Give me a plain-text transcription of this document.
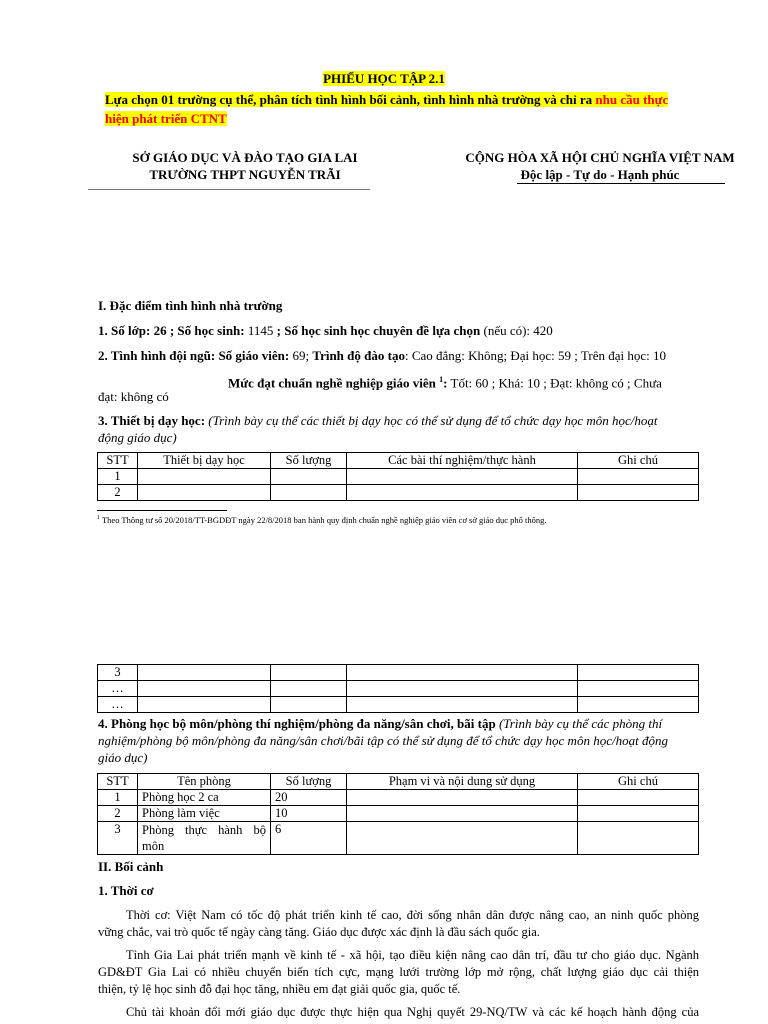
PHIẾU HỌC TẬP 2.1
Lựa chọn 01 trường cụ thể, phân tích tình hình bối cảnh, tình hình nhà trường và chỉ ra nhu cầu thực
hiện phát triển CTNT
SỞ GIÁO DỤC VÀ ĐÀO TẠO GIA LAI
TRƯỜNG THPT NGUYỄN TRÃI
CỘNG HÒA XÃ HỘI CHỦ NGHĨA VIỆT NAM
Độc lập - Tự do - Hạnh phúc
I. Đặc điểm tình hình nhà trường
1. Số lớp: 26 ; Số học sinh: 1145 ; Số học sinh học chuyên đề lựa chọn (nếu có): 420
2. Tình hình đội ngũ: Số giáo viên: 69; Trình độ đào tạo: Cao đẳng: Không; Đại học: 59 ; Trên đại học: 10
Mức đạt chuẩn nghề nghiệp giáo viên $^1$: Tốt: 60 ; Khá: 10 ; Đạt: không có ; Chưa
đạt: không có
3. Thiết bị dạy học: (Trình bày cụ thể các thiết bị dạy học có thể sử dụng để tổ chức dạy học môn học/hoạt
động giáo dục)
STT	Thiết bị dạy học	Số lượng	Các bài thí nghiệm/thực hành	Ghi chú
1				
2				
$^1$ Theo Thông tư số 20/2018/TT-BGDĐT ngày 22/8/2018 ban hành quy định chuẩn nghề nghiệp giáo viên cơ sở giáo dục phổ thông.
3				
…				
…				
4. Phòng học bộ môn/phòng thí nghiệm/phòng đa năng/sân chơi, bãi tập (Trình bày cụ thể các phòng thí
nghiệm/phòng bộ môn/phòng đa năng/sân chơi/bãi tập có thể sử dụng để tổ chức dạy học môn học/hoạt động
giáo dục)
STT	Tên phòng	Số lượng	Phạm vi và nội dung sử dụng	Ghi chú
1	Phòng học 2 ca	20		
2	Phòng làm việc	10		
3	Phòng thực hành bộ
môn	6		
II. Bối cảnh
1. Thời cơ
Thời cơ: Việt Nam có tốc độ phát triển kinh tế cao, đời sống nhân dân được nâng cao, an ninh quốc phòng
vững chắc, vai trò quốc tế ngày càng tăng. Giáo dục được xác định là đầu sách quốc gia.
Tỉnh Gia Lai phát triển mạnh về kinh tế - xã hội, tạo điều kiện nâng cao dân trí, đầu tư cho giáo dục. Ngành
GD&ĐT Gia Lai có nhiều chuyển biến tích cực, mạng lưới trường lớp mở rộng, chất lượng giáo dục cải thiện
thiện, tỷ lệ học sinh đỗ đại học tăng, nhiều em đạt giải quốc gia, quốc tế.
Chủ tài khoản đổi mới giáo dục được thực hiện qua Nghị quyết 29-NQ/TW và các kế hoạch hành động của
